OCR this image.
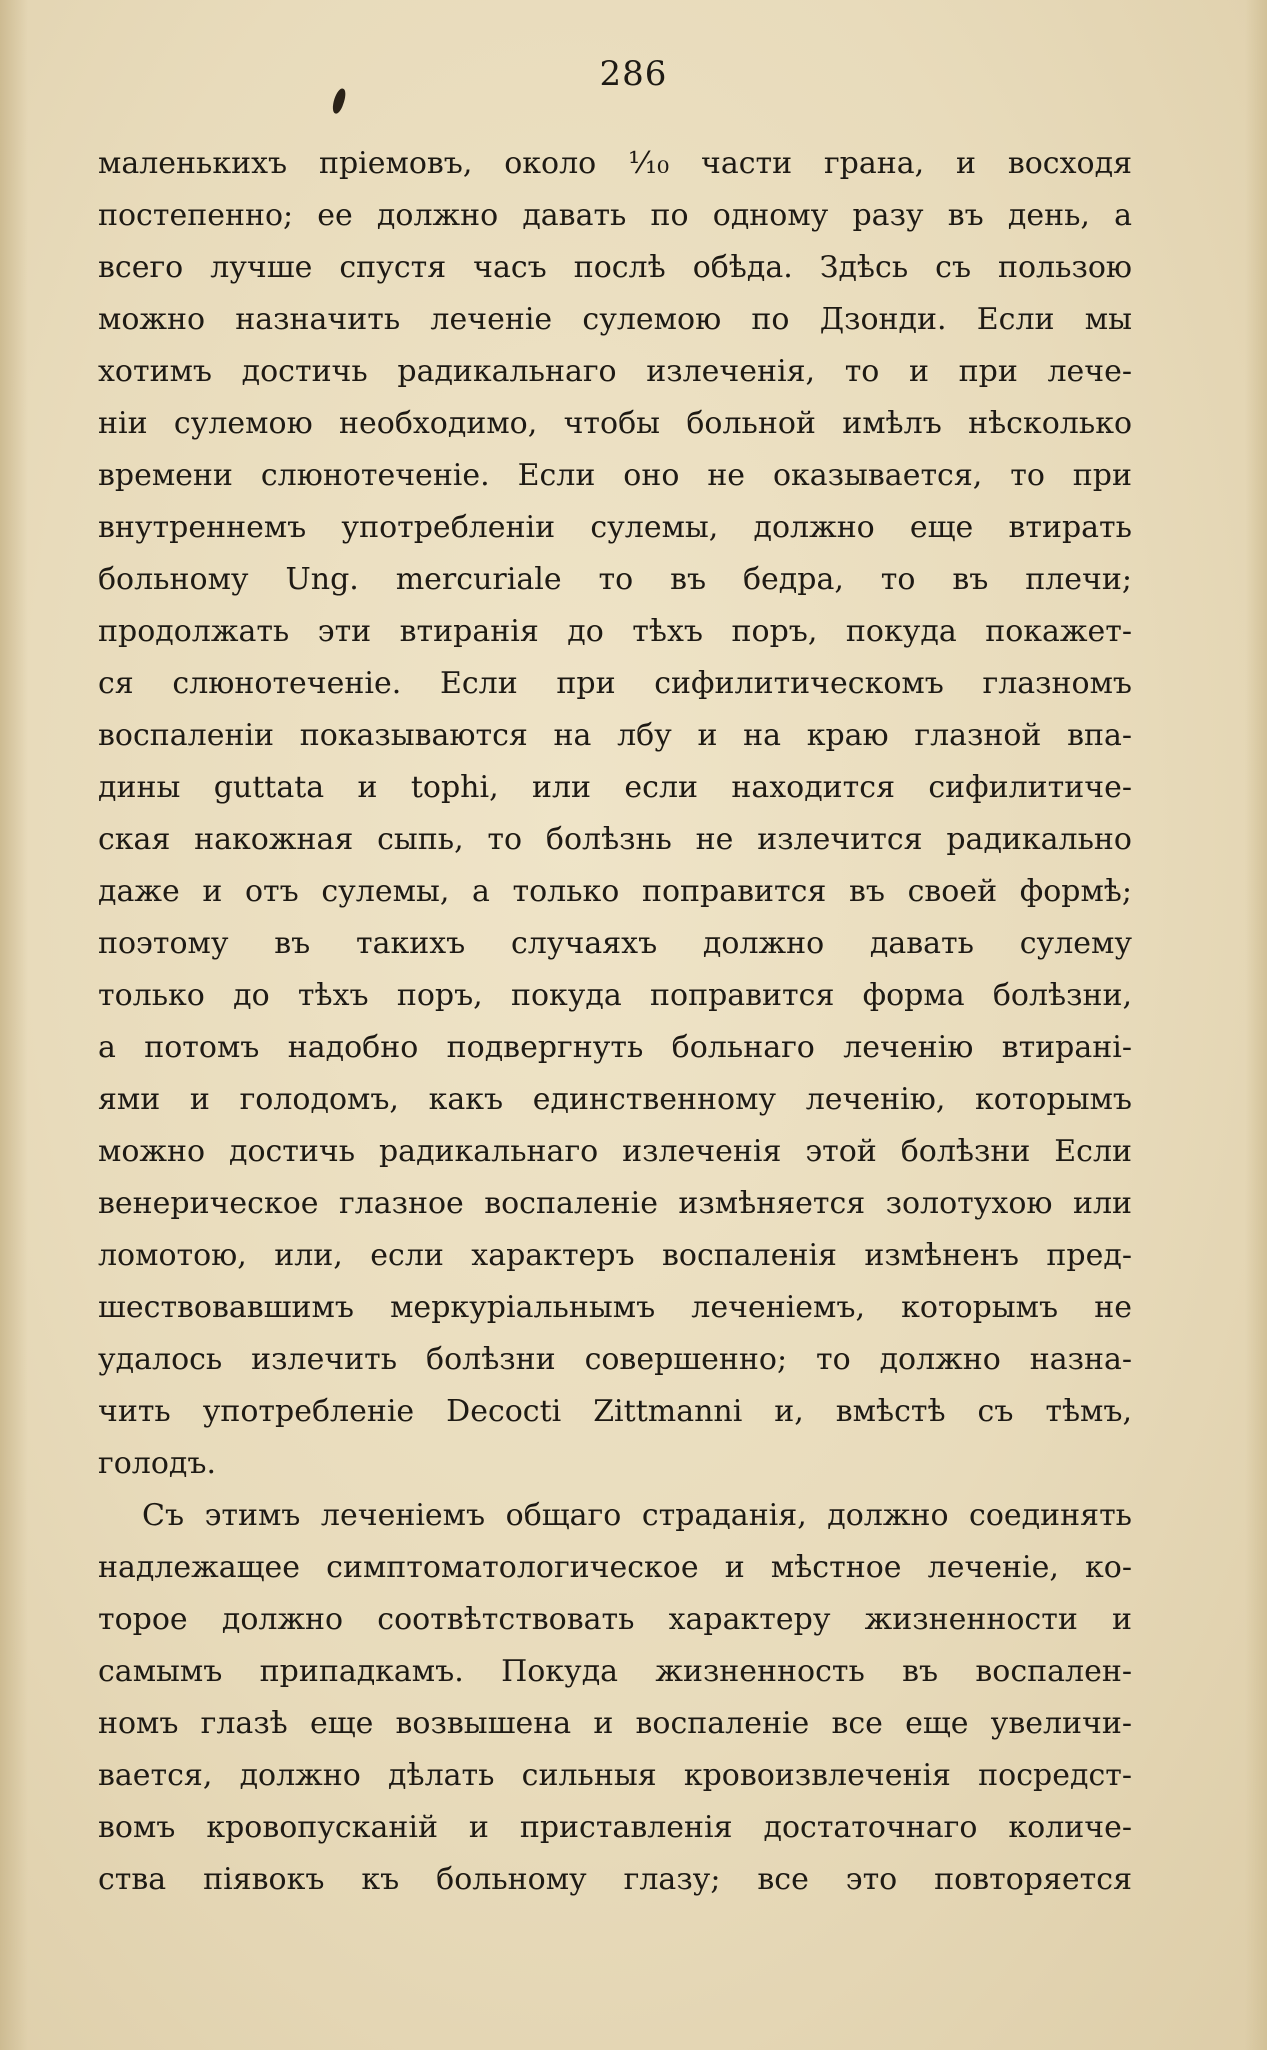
286
маленькихъ пріемовъ, около ⅟₁₀ части грана, и восходя
постепенно; ее должно давать по одному разу въ день, а
всего лучше спустя часъ послѣ обѣда. Здѣсь съ пользою
можно назначить леченіе сулемою по Дзонди. Если мы
хотимъ достичь радикальнаго излеченія, то и при лече-
ніи сулемою необходимо, чтобы больной имѣлъ нѣсколько
времени слюнотеченіе. Если оно не оказывается, то при
внутреннемъ употребленіи сулемы, должно еще втирать
больному Ung. mercuriale то въ бедра, то въ плечи;
продолжать эти втиранія до тѣхъ поръ, покуда покажет-
ся слюнотеченіе. Если при сифилитическомъ глазномъ
воспаленіи показываются на лбу и на краю глазной впа-
дины guttata и tophi, или если находится сифилитиче-
ская накожная сыпь, то болѣзнь не излечится радикально
даже и отъ сулемы, а только поправится въ своей формѣ;
поэтому въ такихъ случаяхъ должно давать сулему
только до тѣхъ поръ, покуда поправится форма болѣзни,
а потомъ надобно подвергнуть больнаго леченію втирані-
ями и голодомъ, какъ единственному леченію, которымъ
можно достичь радикальнаго излеченія этой болѣзни Если
венерическое глазное воспаленіе измѣняется золотухою или
ломотою, или, если характеръ воспаленія измѣненъ пред-
шествовавшимъ меркуріальнымъ леченіемъ, которымъ не
удалось излечить болѣзни совершенно; то должно назна-
чить употребленіе Decocti Zittmanni и, вмѣстѣ съ тѣмъ,
голодъ.
Съ этимъ леченіемъ общаго страданія, должно соединять
надлежащее симптоматологическое и мѣстное леченіе, ко-
торое должно соотвѣтствовать характеру жизненности и
самымъ припадкамъ. Покуда жизненность въ воспален-
номъ глазѣ еще возвышена и воспаленіе все еще увеличи-
вается, должно дѣлать сильныя кровоизвлеченія посредст-
вомъ кровопусканій и приставленія достаточнаго количе-
ства піявокъ къ больному глазу; все это повторяется
